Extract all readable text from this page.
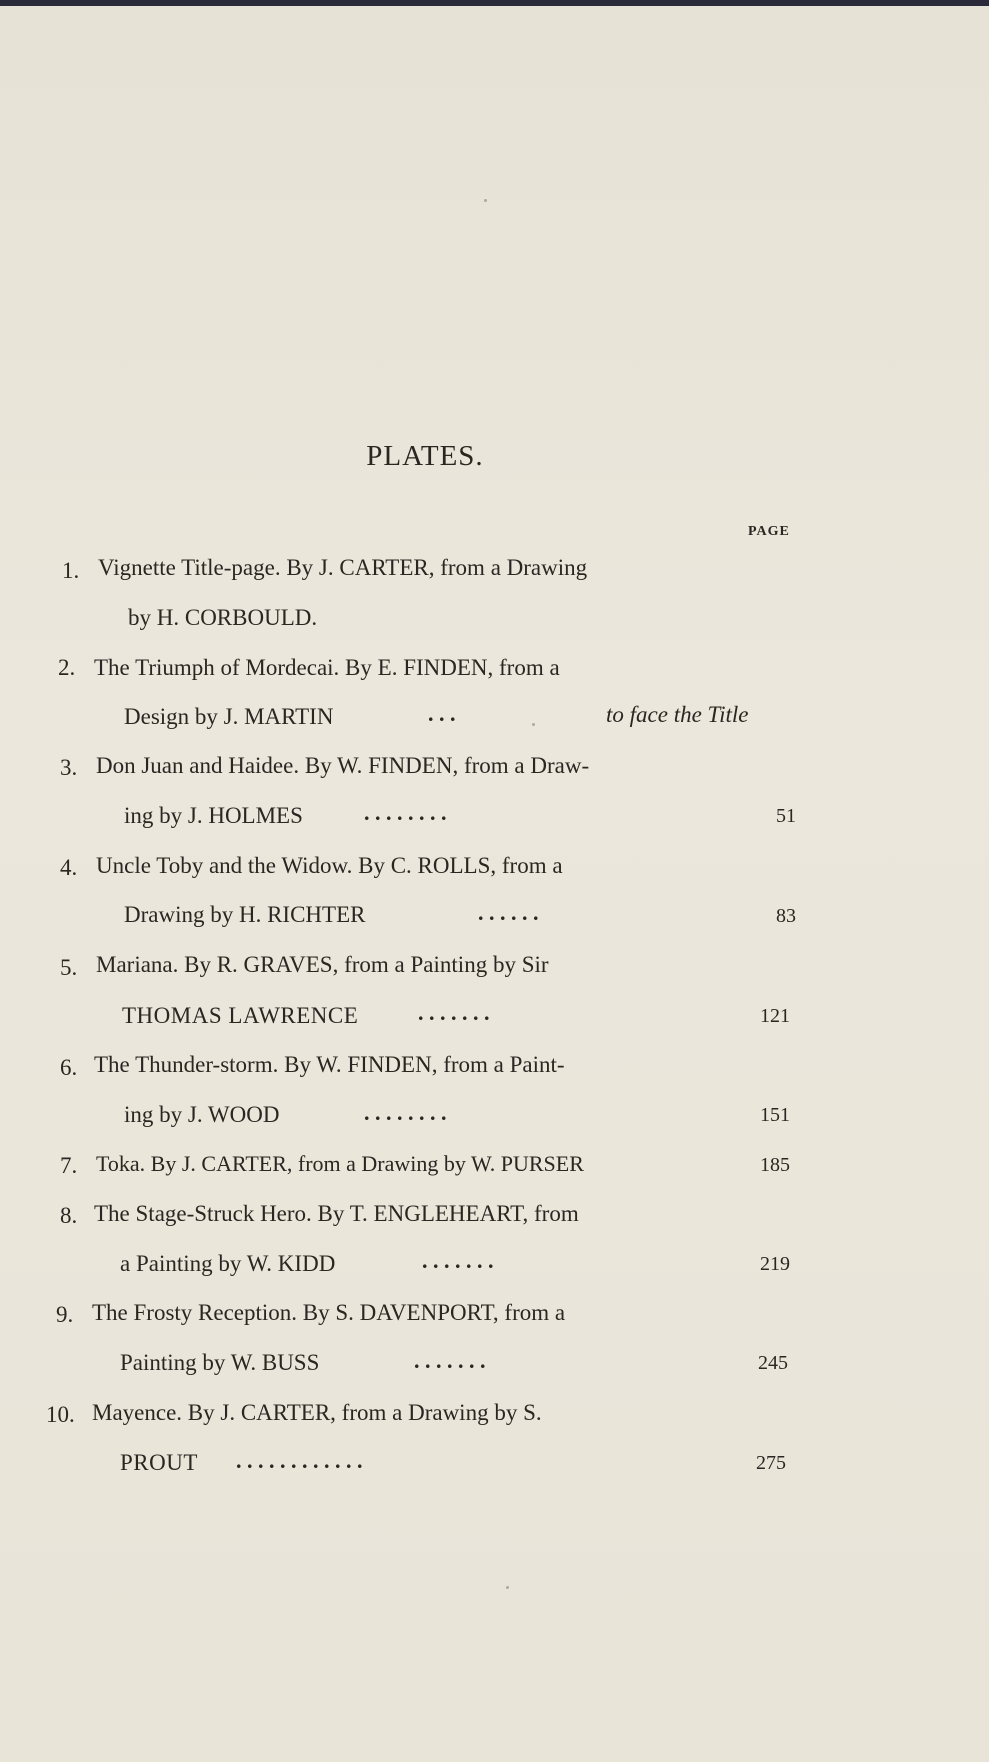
PLATES.
PAGE
1. Vignette Title-page. By J. CARTER, from a Drawing
by H. CORBOULD.
2. The Triumph of Mordecai. By E. FINDEN, from a
Design by J. MARTIN	. . .	to face the Title
3. Don Juan and Haidee. By W. FINDEN, from a Draw-
ing by J. HOLMES	. . . . . . . .	51
4. Uncle Toby and the Widow. By C. ROLLS, from a
Drawing by H. RICHTER	. . . . . .	83
5. Mariana. By R. GRAVES, from a Painting by Sir
THOMAS LAWRENCE	. . . . . . .	121
6. The Thunder-storm. By W. FINDEN, from a Paint-
ing by J. WOOD	. . . . . . . .	151
7. Toka. By J. CARTER, from a Drawing by W. PURSER	185
8. The Stage-Struck Hero. By T. ENGLEHEART, from
a Painting by W. KIDD	. . . . . . .	219
9. The Frosty Reception. By S. DAVENPORT, from a
Painting by W. BUSS	. . . . . . .	245
10. Mayence. By J. CARTER, from a Drawing by S.
PROUT . . . . . . . . . . . .	275
